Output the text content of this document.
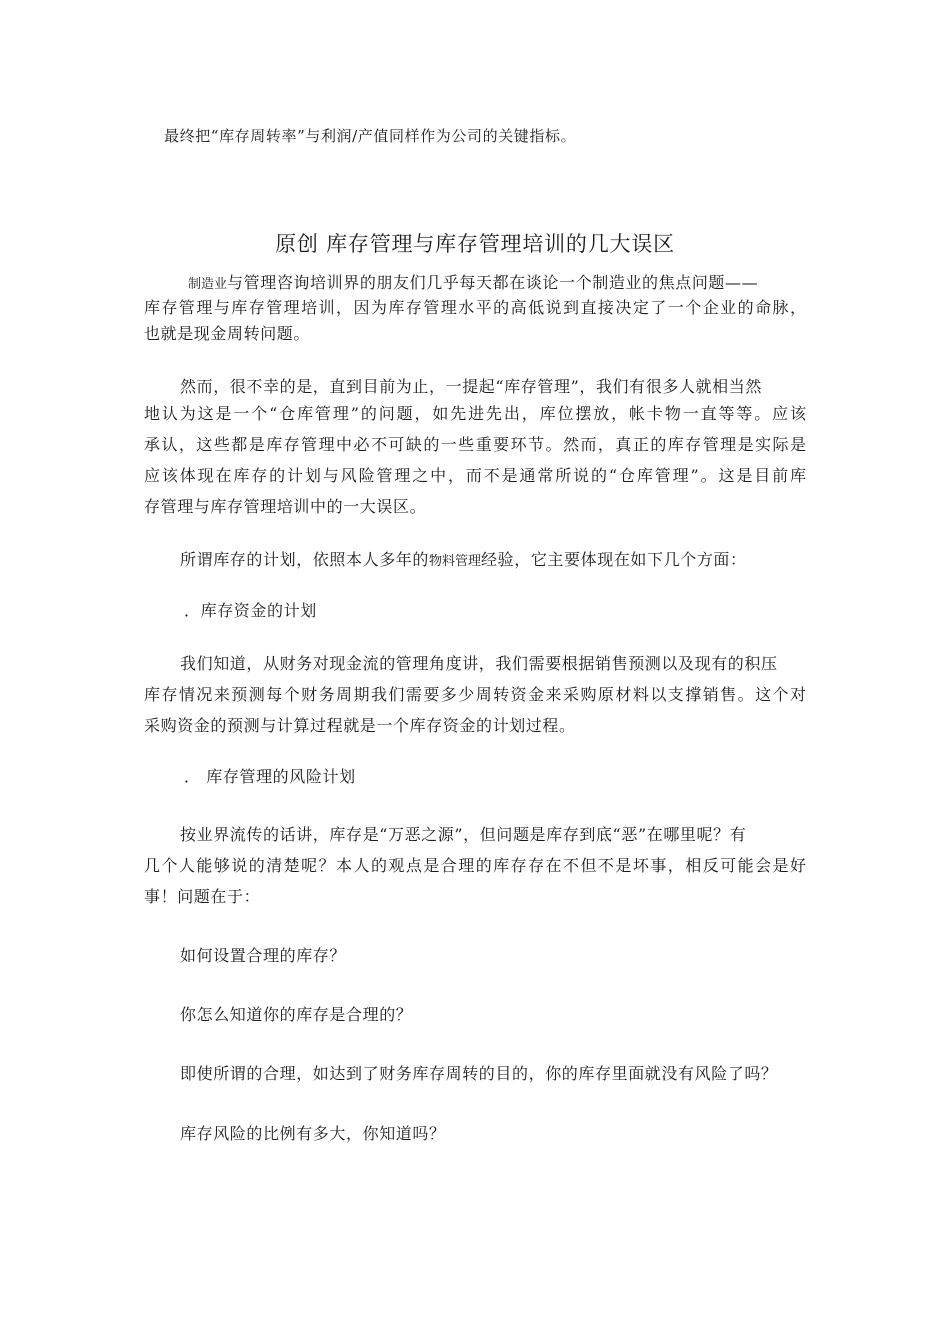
最终把“库存周转率”与利润/产值同样作为公司的关键指标。
原创 库存管理与库存管理培训的几大误区
制造业与管理咨询培训界的朋友们几乎每天都在谈论一个制造业的焦点问题——
库存管理与库存管理培训，因为库存管理水平的高低说到直接决定了一个企业的命脉，
也就是现金周转问题。
然而，很不幸的是，直到目前为止，一提起“库存管理”，我们有很多人就相当然
地认为这是一个“仓库管理”的问题，如先进先出，库位摆放，帐卡物一直等等。应该
承认，这些都是库存管理中必不可缺的一些重要环节。然而，真正的库存管理是实际是
应该体现在库存的计划与风险管理之中，而不是通常所说的“仓库管理”。这是目前库
存管理与库存管理培训中的一大误区。
所谓库存的计划，依照本人多年的物料管理经验，它主要体现在如下几个方面：
．库存资金的计划
我们知道，从财务对现金流的管理角度讲，我们需要根据销售预测以及现有的积压
库存情况来预测每个财务周期我们需要多少周转资金来采购原材料以支撑销售。这个对
采购资金的预测与计算过程就是一个库存资金的计划过程。
． 库存管理的风险计划
按业界流传的话讲，库存是“万恶之源”，但问题是库存到底“恶”在哪里呢？有
几个人能够说的清楚呢？本人的观点是合理的库存存在不但不是坏事，相反可能会是好
事！问题在于：
如何设置合理的库存？
你怎么知道你的库存是合理的？
即使所谓的合理，如达到了财务库存周转的目的，你的库存里面就没有风险了吗？
库存风险的比例有多大，你知道吗？
